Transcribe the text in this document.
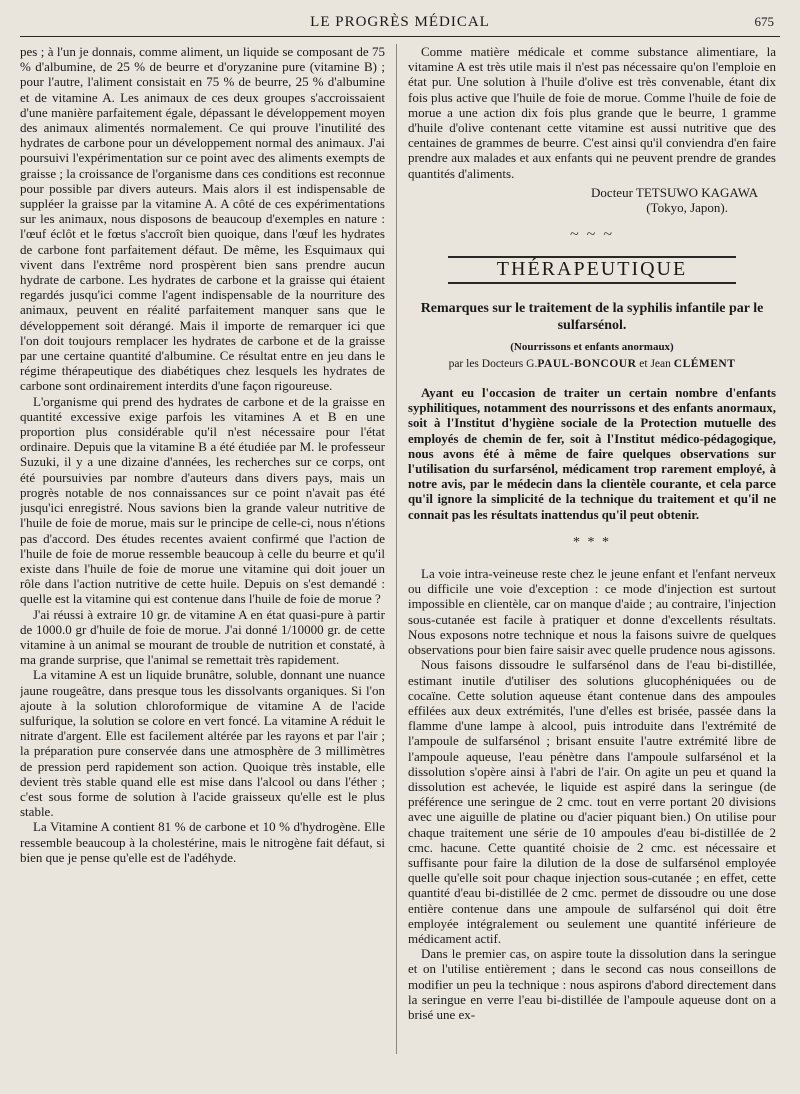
LE PROGRÈS MÉDICAL	675

pes ; à l'un je donnais, comme aliment, un liquide se composant de 75 % d'albumine, de 25 % de beurre et d'oryzanine pure (vitamine B) ; pour l'autre, l'aliment consistait en 75 % de beurre, 25 % d'albumine et de vitamine A. Les animaux de ces deux groupes s'accroissaient d'une manière parfaitement égale, dépassant le développement moyen des animaux alimentés normalement. Ce qui prouve l'inutilité des hydrates de carbone pour un développement normal des animaux. J'ai poursuivi l'expérimentation sur ce point avec des aliments exempts de graisse ; la croissance de l'organisme dans ces conditions est reconnue pour possible par divers auteurs. Mais alors il est indispensable de suppléer la graisse par la vitamine A. A côté de ces expérimentations sur les animaux, nous disposons de beaucoup d'exemples en nature : l'œuf éclôt et le fœtus s'accroît bien quoique, dans l'œuf les hydrates de carbone font parfaitement défaut. De même, les Esquimaux qui vivent dans l'extrême nord prospèrent bien sans prendre aucun hydrate de carbone. Les hydrates de carbone et la graisse qui étaient regardés jusqu'ici comme l'agent indispensable de la nourriture des animaux, peuvent en réalité parfaitement manquer sans que le développement soit dérangé. Mais il importe de remarquer ici que l'on doit toujours remplacer les hydrates de carbone et de la graisse par une certaine quantité d'albumine. Ce résultat entre en jeu dans le régime thérapeutique des diabétiques chez lesquels les hydrates de carbone sont ordinairement interdits d'une façon rigoureuse.

L'organisme qui prend des hydrates de carbone et de la graisse en quantité excessive exige parfois les vitamines A et B en une proportion plus considérable qu'il n'est nécessaire pour l'état ordinaire. Depuis que la vitamine B a été étudiée par M. le professeur Suzuki, il y a une dizaine d'années, les recherches sur ce corps, ont été poursuivies par nombre d'auteurs dans divers pays, mais un progrès notable de nos connaissances sur ce point n'avait pas été jusqu'ici enregistré. Nous savions bien la grande valeur nutritive de l'huile de foie de morue, mais sur le principe de celle-ci, nous n'étions pas d'accord. Des études recentes avaient confirmé que l'action de l'huile de foie de morue ressemble beaucoup à celle du beurre et qu'il existe dans l'huile de foie de morue une vitamine qui doit jouer un rôle dans l'action nutritive de cette huile. Depuis on s'est demandé : quelle est la vitamine qui est contenue dans l'huile de foie de morue ?

J'ai réussi à extraire 10 gr. de vitamine A en état quasi-pure à partir de 1000.0 gr d'huile de foie de morue. J'ai donné 1/10000 gr. de cette vitamine à un animal se mourant de trouble de nutrition et constaté, à ma grande surprise, que l'animal se remettait très rapidement.

La vitamine A est un liquide brunâtre, soluble, donnant une nuance jaune rougeâtre, dans presque tous les dissolvants organiques. Si l'on ajoute à la solution chloroformique de vitamine A de l'acide sulfurique, la solution se colore en vert foncé. La vitamine A réduit le nitrate d'argent. Elle est facilement altérée par les rayons et par l'air ; la préparation pure conservée dans une atmosphère de 3 millimètres de pression perd rapidement son action. Quoique très instable, elle devient très stable quand elle est mise dans l'alcool ou dans l'éther ; c'est sous forme de solution à l'acide graisseux qu'elle est le plus stable.

La Vitamine A contient 81 % de carbone et 10 % d'hydrogène. Elle ressemble beaucoup à la cholestérine, mais le nitrogène fait défaut, si bien que je pense qu'elle est de l'adéhyde.

Comme matière médicale et comme substance alimentiare, la vitamine A est très utile mais il n'est pas nécessaire qu'on l'emploie en état pur. Une solution à l'huile d'olive est très convenable, étant dix fois plus active que l'huile de foie de morue. Comme l'huile de foie de morue a une action dix fois plus grande que le beurre, 1 gramme d'huile d'olive contenant cette vitamine est aussi nutritive que des centaines de grammes de beurre. C'est ainsi qu'il conviendra d'en faire prendre aux malades et aux enfants qui ne peuvent prendre de grandes quantités d'aliments.

Docteur TETSUWO KAGAWA
(Tokyo, Japon).
~ ~ ~
THÉRAPEUTIQUE
Remarques sur le traitement de la syphilis infantile par le sulfarsénol.
(Nourrissons et enfants anormaux)
par les Docteurs G.PAUL-BONCOUR et Jean CLÉMENT

Ayant eu l'occasion de traiter un certain nombre d'enfants syphilitiques, notamment des nourrissons et des enfants anormaux, soit à l'Institut d'hygiène sociale de la Protection mutuelle des employés de chemin de fer, soit à l'Institut médico-pédagogique, nous avons été à même de faire quelques observations sur l'utilisation du surfarsénol, médicament trop rarement employé, à notre avis, par le médecin dans la clientèle courante, et cela parce qu'il ignore la simplicité de la technique du traitement et qu'il ne connait pas les résultats inattendus qu'il peut obtenir.

* * *

La voie intra-veineuse reste chez le jeune enfant et l'enfant nerveux ou difficile une voie d'exception : ce mode d'injection est surtout impossible en clientèle, car on manque d'aide ; au contraire, l'injection sous-cutanée est facile à pratiquer et donne d'excellents résultats. Nous exposons notre technique et nous la faisons suivre de quelques observations pour bien faire saisir avec quelle prudence nous agissons.

Nous faisons dissoudre le sulfarsénol dans de l'eau bi-distillée, estimant inutile d'utiliser des solutions glucophéniquées ou de cocaïne. Cette solution aqueuse étant contenue dans des ampoules effilées aux deux extrémités, l'une d'elles est brisée, passée dans la flamme d'une lampe à alcool, puis introduite dans l'extrémité de l'ampoule de sulfarsénol ; brisant ensuite l'autre extrémité libre de l'ampoule aqueuse, l'eau pénètre dans l'ampoule sulfarsénol et la dissolution s'opère ainsi à l'abri de l'air. On agite un peu et quand la dissolution est achevée, le liquide est aspiré dans la seringue (de préférence une seringue de 2 cmc. tout en verre portant 20 divisions avec une aiguille de platine ou d'acier piquant bien.) On utilise pour chaque traitement une série de 10 ampoules d'eau bi-distillée de 2 cmc. hacune. Cette quantité choisie de 2 cmc. est nécessaire et suffisante pour faire la dilution de la dose de sulfarsénol employée quelle qu'elle soit pour chaque injection sous-cutanée ; en effet, cette quantité d'eau bi-distillée de 2 cmc. permet de dissoudre ou une dose entière contenue dans une ampoule de sulfarsénol qui doit être employée intégralement ou seulement une quantité inférieure de médicament actif.

Dans le premier cas, on aspire toute la dissolution dans la seringue et on l'utilise entièrement ; dans le second cas nous conseillons de modifier un peu la technique : nous aspirons d'abord directement dans la seringue en verre l'eau bi-distillée de l'ampoule aqueuse dont on a brisé une ex-
